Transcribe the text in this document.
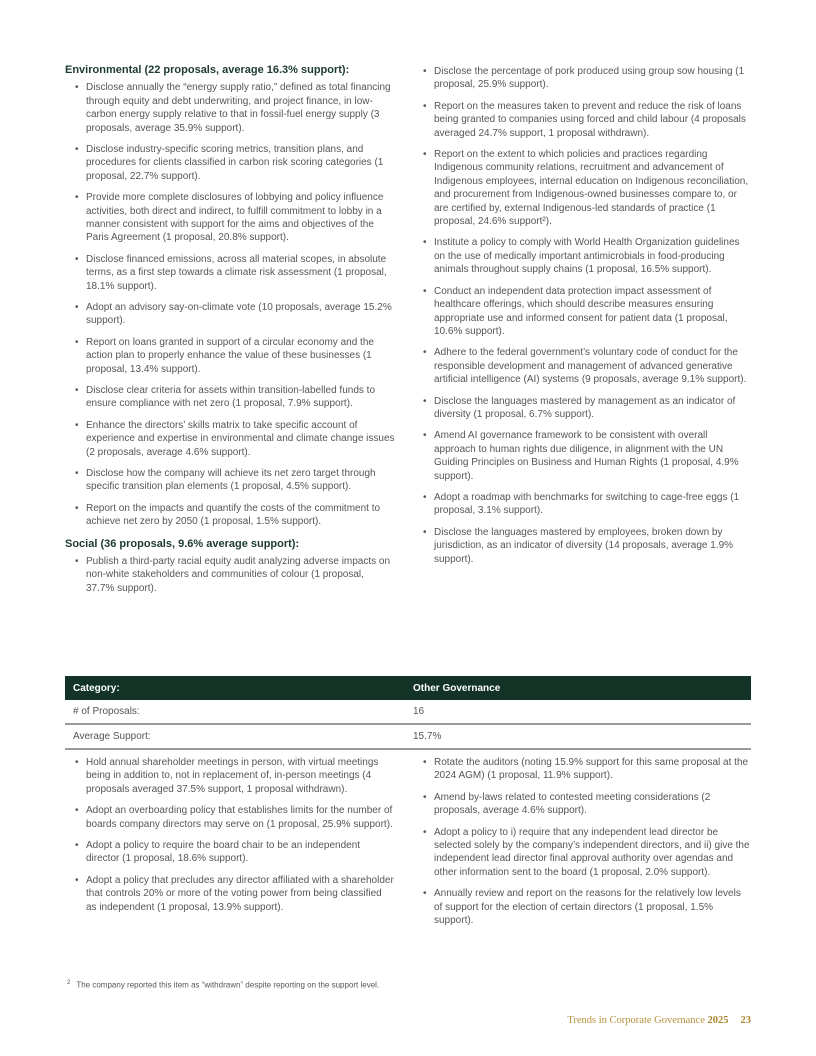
Environmental (22 proposals, average 16.3% support):
• Disclose annually the “energy supply ratio,” defined as total financing through equity and debt underwriting, and project finance, in low-carbon energy supply relative to that in fossil-fuel energy supply (3 proposals, average 35.9% support).
• Disclose industry-specific scoring metrics, transition plans, and procedures for clients classified in carbon risk scoring categories (1 proposal, 22.7% support).
• Provide more complete disclosures of lobbying and policy influence activities, both direct and indirect, to fulfill commitment to lobby in a manner consistent with support for the aims and objectives of the Paris Agreement (1 proposal, 20.8% support).
• Disclose financed emissions, across all material scopes, in absolute terms, as a first step towards a climate risk assessment (1 proposal, 18.1% support).
• Adopt an advisory say-on-climate vote (10 proposals, average 15.2% support).
• Report on loans granted in support of a circular economy and the action plan to properly enhance the value of these businesses (1 proposal, 13.4% support).
• Disclose clear criteria for assets within transition-labelled funds to ensure compliance with net zero (1 proposal, 7.9% support).
• Enhance the directors’ skills matrix to take specific account of experience and expertise in environmental and climate change issues (2 proposals, average 4.6% support).
• Disclose how the company will achieve its net zero target through specific transition plan elements (1 proposal, 4.5% support).
• Report on the impacts and quantify the costs of the commitment to achieve net zero by 2050 (1 proposal, 1.5% support).
Social (36 proposals, 9.6% average support):
• Publish a third-party racial equity audit analyzing adverse impacts on non-white stakeholders and communities of colour (1 proposal, 37.7% support).
• Disclose the percentage of pork produced using group sow housing (1 proposal, 25.9% support).
• Report on the measures taken to prevent and reduce the risk of loans being granted to companies using forced and child labour (4 proposals averaged 24.7% support, 1 proposal withdrawn).
• Report on the extent to which policies and practices regarding Indigenous community relations, recruitment and advancement of Indigenous employees, internal education on Indigenous reconciliation, and procurement from Indigenous-owned businesses compare to, or are certified by, external Indigenous-led standards of practice (1 proposal, 24.6% support²).
• Institute a policy to comply with World Health Organization guidelines on the use of medically important antimicrobials in food-producing animals throughout supply chains (1 proposal, 16.5% support).
• Conduct an independent data protection impact assessment of healthcare offerings, which should describe measures ensuring appropriate use and informed consent for patient data (1 proposal, 10.6% support).
• Adhere to the federal government’s voluntary code of conduct for the responsible development and management of advanced generative artificial intelligence (AI) systems (9 proposals, average 9.1% support).
• Disclose the languages mastered by management as an indicator of diversity (1 proposal, 6.7% support).
• Amend AI governance framework to be consistent with overall approach to human rights due diligence, in alignment with the UN Guiding Principles on Business and Human Rights (1 proposal, 4.9% support).
• Adopt a roadmap with benchmarks for switching to cage-free eggs (1 proposal, 3.1% support).
• Disclose the languages mastered by employees, broken down by jurisdiction, as an indicator of diversity (14 proposals, average 1.9% support).
Category:	Other Governance
# of Proposals:	16
Average Support:	15.7%
• Hold annual shareholder meetings in person, with virtual meetings being in addition to, not in replacement of, in-person meetings (4 proposals averaged 37.5% support, 1 proposal withdrawn).
• Adopt an overboarding policy that establishes limits for the number of boards company directors may serve on (1 proposal, 25.9% support).
• Adopt a policy to require the board chair to be an independent director (1 proposal, 18.6% support).
• Adopt a policy that precludes any director affiliated with a shareholder that controls 20% or more of the voting power from being classified as independent (1 proposal, 13.9% support).
• Rotate the auditors (noting 15.9% support for this same proposal at the 2024 AGM) (1 proposal, 11.9% support).
• Amend by-laws related to contested meeting considerations (2 proposals, average 4.6% support).
• Adopt a policy to i) require that any independent lead director be selected solely by the company’s independent directors, and ii) give the independent lead director final approval authority over agendas and other information sent to the board (1 proposal, 2.0% support).
• Annually review and report on the reasons for the relatively low levels of support for the election of certain directors (1 proposal, 1.5% support).
$^2$ The company reported this item as “withdrawn” despite reporting on the support level.
Trends in Corporate Governance 2025 23
